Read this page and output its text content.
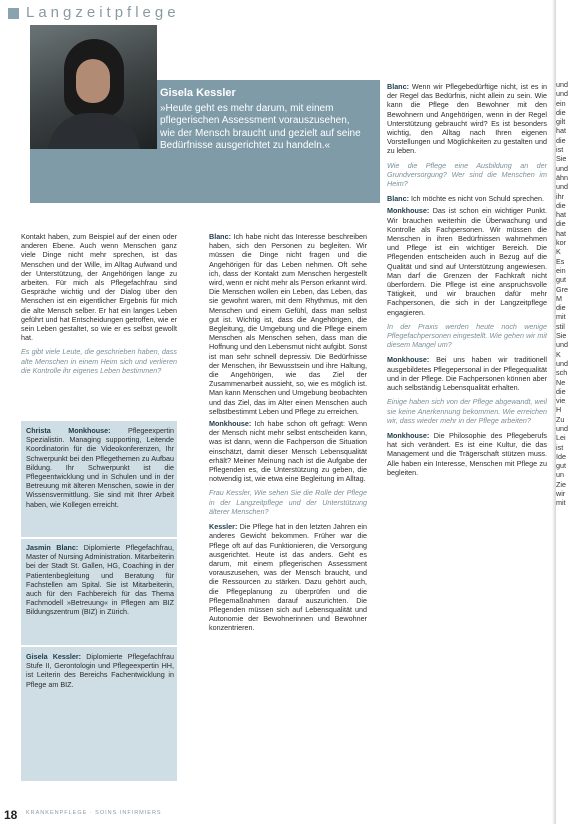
Langzeitpflege
Gisela Kessler
»Heute geht es mehr darum, mit einem pflegerischen Assessment vorauszusehen, wie der Mensch braucht und gezielt auf seine Bedürfnisse ausgerichtet zu handeln.«

Kontakt haben, zum Beispiel auf der einen oder anderen Ebene. Auch wenn Menschen ganz viele Dinge nicht mehr sprechen, ist das Menschen und der Wille, im Alltag Aufwand und der Unterstützung, der Angehörigen lange zu arbeiten. Für mich als Pflegefachfrau sind Gespräche wichtig und der Dialog über den Menschen ist ein eigentlicher Ergebnis für mich die alte Mensch selber. Er hat ein langes Leben geführt und hat Entscheidungen getroffen, wie er sein Leben gestaltet, so wie er es selbst gewollt hat.

Es gibt viele Leute, die geschrieben haben, dass alte Menschen in einem Heim sich und verlieren die Kontrolle ihr eigenes Leben bestimmen?

Christa Monkhouse: Pflegeexpertin Spezialistin. Managing supporting, Leitende Koordinatorin für die Videokonferenzen, Ihr Schwerpunkt bei den Pflegethemen zu Aufbau Bildung. Ihr Schwerpunkt ist die Pflegeentwicklung und in Schulen und in der Betreuung mit älteren Menschen, sowie in der Wissensvermittlung. Sie sind mit Ihrer Arbeit haben, wie Kollegen erreicht.
Jasmin Blanc: Diplomierte Pflegefachfrau, Master of Nursing Administration. Mitarbeiterin bei der Stadt St. Gallen, HG, Coaching in der Patientenbegleitung und Beratung für Fachstellen am Spital. Sie ist Mitarbeiterin, auch für den Fachbereich für das Thema Fachmodell »Betreuung« in Pflegen am BIZ Bildungszentrum (BIZ) in Zürich.
Gisela Kessler: Diplomierte Pflegefachfrau Stufe II, Gerontologin und Pflegeexpertin HH, ist Leiterin des Bereichs Fachentwicklung in Pflege am BIZ.

Blanc: Ich habe nicht das Interesse beschreiben haben, sich den Personen zu begleiten. Wir müssen die Dinge nicht fragen und die Angehörigen für das Leben nehmen. Oft sehe ich, dass der Kontakt zum Menschen hergestellt wird, wenn er nicht mehr als Person erkannt wird. Die Menschen wollen ein Leben, das Leben, das sie gewohnt waren, mit dem Rhythmus, mit den Menschen und einem Gefühl, dass man selbst gut ist. Wichtig ist, dass die Angehörigen, die Begleitung, die Umgebung und die Pflege einem Menschen als Menschen sehen, dass man die Hoffnung und den Lebensmut nicht aufgibt. Sonst ist man sehr schnell depressiv. Die Bedürfnisse der Menschen, ihr Bewusstsein und ihre Haltung, die Angehörigen, wie das Ziel der Zusammenarbeit aussieht, so, wie es möglich ist. Man kann Menschen und Umgebung beobachten und das Ziel, das im Alter einen Menschen auch selbstbestimmt Leben und Pflege zu erreichen.

Monkhouse: Ich habe schon oft gefragt: Wenn der Mensch nicht mehr selbst entscheiden kann, was ist dann, wenn die Fachperson die Situation einschätzt, damit dieser Mensch Lebensqualität erhält? Meiner Meinung nach ist die Aufgabe der Pflegenden es, die Unterstützung zu geben, die notwendig ist, wie etwa eine Begleitung im Alltag.

Frau Kessler, Wie sehen Sie die Rolle der Pflege in der Langzeitpflege und der Unterstützung älterer Menschen?

Kessler: Die Pflege hat in den letzten Jahren ein anderes Gewicht bekommen. Früher war die Pflege oft auf das Funktionieren, die Versorgung ausgerichtet. Heute ist das anders. Geht es darum, mit einem pflegerischen Assessment vorauszusehen, was der Mensch braucht, und die Ressourcen zu stärken. Dazu gehört auch, die Pflegeplanung zu überprüfen und die Pflegemaßnahmen darauf auszurichten. Die Pflegenden müssen sich auf Lebensqualität und Autonomie der Bewohnerinnen und Bewohner konzentrieren.

Blanc: Wenn wir Pflegebedürftige nicht, ist es in der Regel das Bedürfnis, nicht allein zu sein. Wie kann die Pflege den Bewohner mit den Bewohnern und Angehörigen, wenn in der Regel Unterstützung gebraucht wird? Es ist besonders wichtig, den Alltag nach Ihren eigenen Vorstellungen und Möglichkeiten zu gestalten und zu leben.

Wie die Pflege eine Ausbildung an der Grundversorgung? Wer sind die Menschen im Heim?

Blanc: Ich möchte es nicht von Schuld sprechen.

Monkhouse: Das ist schon ein wichtiger Punkt. Wir brauchen weiterhin die Überwachung und Kontrolle als Fachpersonen. Wir müssen die Menschen in ihren Bedürfnissen wahrnehmen und Pflege ist ein wichtiger Bereich. Die Pflegenden entscheiden auch in Bezug auf die Qualität und sind auf Unterstützung angewiesen. Man darf die Grenzen der Fachkraft nicht überfordern. Die Pflege ist eine anspruchsvolle Tätigkeit, und wir brauchen dafür mehr Fachpersonen, die sich in der Langzeitpflege engagieren.

In der Praxis werden heute noch wenige Pflegefachpersonen eingestellt. Wie gehen wir mit diesem Mangel um?

Monkhouse: Bei uns haben wir traditionell ausgebildetes Pflegepersonal in der Pflegequalität und in der Pflege. Die Fachpersonen können aber auch selbständig Lebensqualität erhalten.

Einige haben sich von der Pflege abgewandt, weil sie keine Anerkennung bekommen. Wie erreichen wir, dass wieder mehr in der Pflege arbeiten?

Monkhouse: Die Philosophie des Pflegeberufs hat sich verändert. Es ist eine Kultur, die das Management und die Trägerschaft stützen muss. Alle haben ein Interesse, Menschen mit Pflege zu begleiten.

und
und
ein
die
gilt
hat
die
ist
Sie
und
ähn
und
ihr
die
hat
die
hat
kor
K
Es
ein
gut
Gre
M
die
mit
stil
Sie
und
K
und
sch
Ne
die
vie
H
Zu
und
Lei
ist
Ide
gut
un
Zie
wir
mit
18 KRANKENPFLEGE · SOINS INFIRMIERS
